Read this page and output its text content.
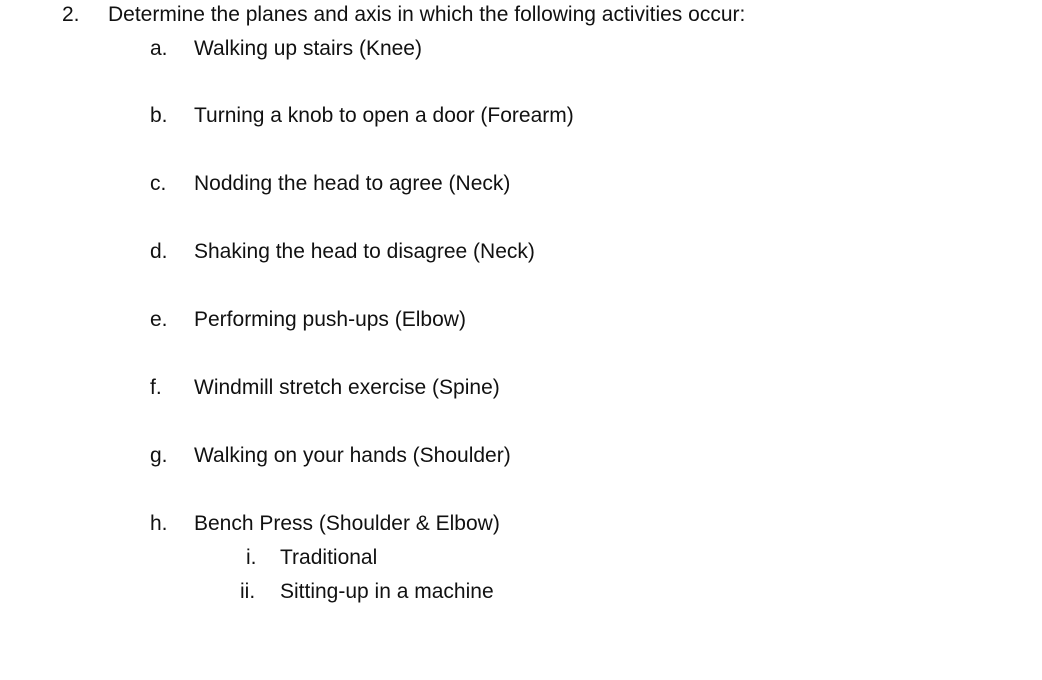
2. Determine the planes and axis in which the following activities occur:
a. Walking up stairs (Knee)
b. Turning a knob to open a door (Forearm)
c. Nodding the head to agree (Neck)
d. Shaking the head to disagree (Neck)
e. Performing push-ups (Elbow)
f. Windmill stretch exercise (Spine)
g. Walking on your hands (Shoulder)
h. Bench Press (Shoulder & Elbow)
i. Traditional
ii. Sitting-up in a machine
